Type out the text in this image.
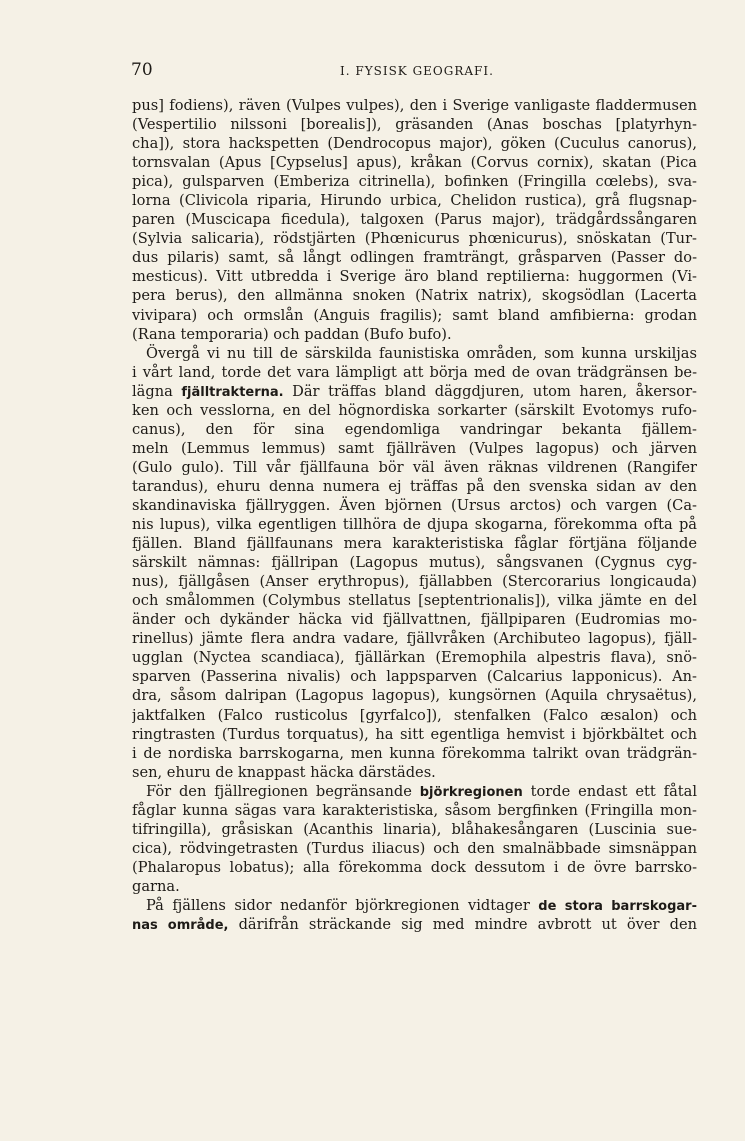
70	I. FYSISK GEOGRAFI.
pus] fodiens), räven (Vulpes vulpes), den i Sverige vanligaste fladdermusen
(Vespertilio nilssoni [borealis]), gräsanden (Anas boschas [platyrhyn-
cha]), stora hackspetten (Dendrocopus major), göken (Cuculus canorus),
tornsvalan (Apus [Cypselus] apus), kråkan (Corvus cornix), skatan (Pica
pica), gulsparven (Emberiza citrinella), bofinken (Fringilla cœlebs), sva-
lorna (Clivicola riparia, Hirundo urbica, Chelidon rustica), grå flugsnap-
paren (Muscicapa ficedula), talgoxen (Parus major), trädgårdssångaren
(Sylvia salicaria), rödstjärten (Phœnicurus phœnicurus), snöskatan (Tur-
dus pilaris) samt, så långt odlingen framträngt, gråsparven (Passer do-
mesticus). Vitt utbredda i Sverige äro bland reptilierna: huggormen (Vi-
pera berus), den allmänna snoken (Natrix natrix), skogsödlan (Lacerta
vivipara) och ormslån (Anguis fragilis); samt bland amfibierna: grodan
(Rana temporaria) och paddan (Bufo bufo).
Övergå vi nu till de särskilda faunistiska områden, som kunna urskiljas
i vårt land, torde det vara lämpligt att börja med de ovan trädgränsen be-
lägna fjälltrakterna. Där träffas bland däggdjuren, utom haren, åkersor-
ken och vesslorna, en del högnordiska sorkarter (särskilt Evotomys rufo-
canus), den för sina egendomliga vandringar bekanta fjällem-
meln (Lemmus lemmus) samt fjällräven (Vulpes lagopus) och järven
(Gulo gulo). Till vår fjällfauna bör väl även räknas vildrenen (Rangifer
tarandus), ehuru denna numera ej träffas på den svenska sidan av den
skandinaviska fjällryggen. Även björnen (Ursus arctos) och vargen (Ca-
nis lupus), vilka egentligen tillhöra de djupa skogarna, förekomma ofta på
fjällen. Bland fjällfaunans mera karakteristiska fåglar förtjäna följande
särskilt nämnas: fjällripan (Lagopus mutus), sångsvanen (Cygnus cyg-
nus), fjällgåsen (Anser erythropus), fjällabben (Stercorarius longicauda)
och smålommen (Colymbus stellatus [septentrionalis]), vilka jämte en del
änder och dykänder häcka vid fjällvattnen, fjällpiparen (Eudromias mo-
rinellus) jämte flera andra vadare, fjällvråken (Archibuteo lagopus), fjäll-
ugglan (Nyctea scandiaca), fjällärkan (Eremophila alpestris flava), snö-
sparven (Passerina nivalis) och lappsparven (Calcarius lapponicus). An-
dra, såsom dalripan (Lagopus lagopus), kungsörnen (Aquila chrysaëtus),
jaktfalken (Falco rusticolus [gyrfalco]), stenfalken (Falco æsalon) och
ringtrasten (Turdus torquatus), ha sitt egentliga hemvist i björkbältet och
i de nordiska barrskogarna, men kunna förekomma talrikt ovan trädgrän-
sen, ehuru de knappast häcka därstädes.
För den fjällregionen begränsande björkregionen torde endast ett fåtal
fåglar kunna sägas vara karakteristiska, såsom bergfinken (Fringilla mon-
tifringilla), gråsiskan (Acanthis linaria), blåhakesångaren (Luscinia sue-
cica), rödvingetrasten (Turdus iliacus) och den smalnäbbade simsnäppan
(Phalaropus lobatus); alla förekomma dock dessutom i de övre barrsko-
garna.
På fjällens sidor nedanför björkregionen vidtager de stora barrskogar-
nas område, därifrån sträckande sig med mindre avbrott ut över den
